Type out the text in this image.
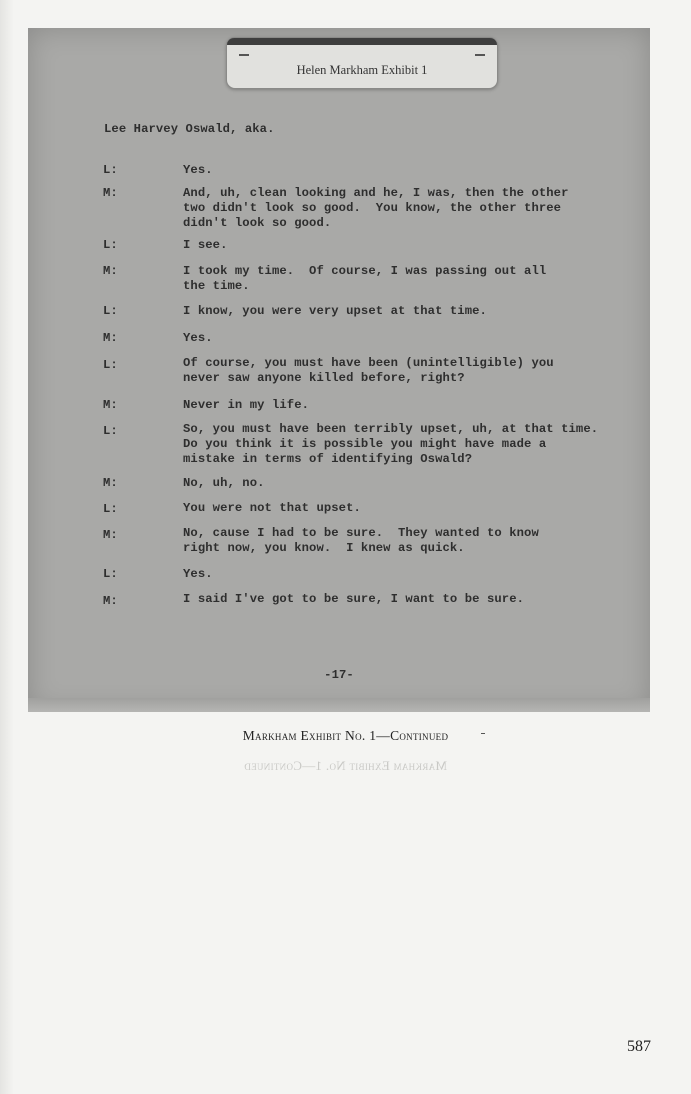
Helen Markham Exhibit 1
Lee Harvey Oswald, aka.
L:	Yes.
M:	And, uh, clean looking and he, I was, then the other
two didn't look so good.  You know, the other three
didn't look so good.
L:	I see.
M:	I took my time.  Of course, I was passing out all
the time.
L:	I know, you were very upset at that time.
M:	Yes.
L:	Of course, you must have been (unintelligible) you
never saw anyone killed before, right?
M:	Never in my life.
L:	So, you must have been terribly upset, uh, at that time.
Do you think it is possible you might have made a
mistake in terms of identifying Oswald?
M:	No, uh, no.
L:	You were not that upset.
M:	No, cause I had to be sure.  They wanted to know
right now, you know.  I knew as quick.
L:	Yes.
M:	I said I've got to be sure, I want to be sure.
-17-
Markham Exhibit No. 1—Continued
Markham Exhibit No. 1—Continued
587
